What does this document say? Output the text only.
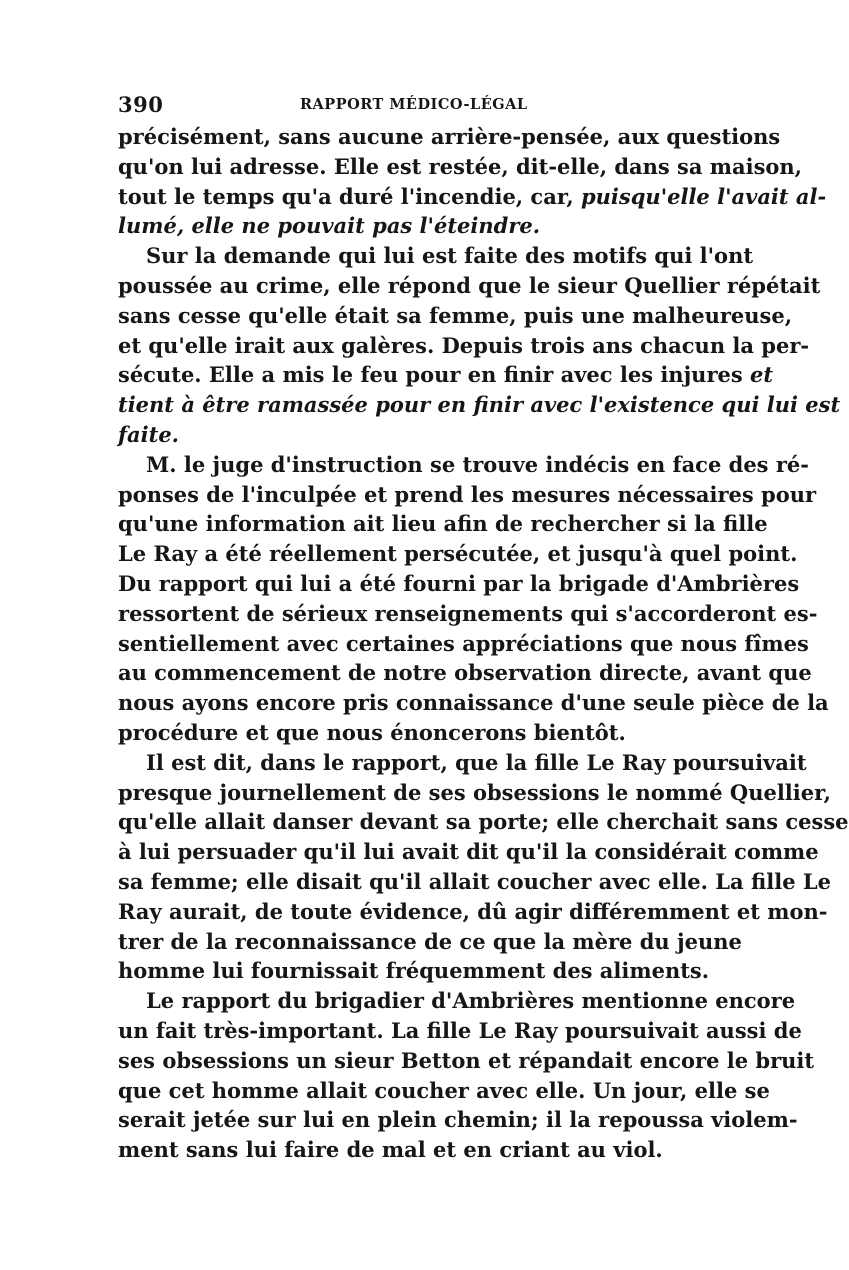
390	RAPPORT MÉDICO-LÉGAL
précisément, sans aucune arrière-pensée, aux questions
qu'on lui adresse. Elle est restée, dit-elle, dans sa maison,
tout le temps qu'a duré l'incendie, car, puisqu'elle l'avait al-
lumé, elle ne pouvait pas l'éteindre.
Sur la demande qui lui est faite des motifs qui l'ont
poussée au crime, elle répond que le sieur Quellier répétait
sans cesse qu'elle était sa femme, puis une malheureuse,
et qu'elle irait aux galères. Depuis trois ans chacun la per-
sécute. Elle a mis le feu pour en finir avec les injures et
tient à être ramassée pour en finir avec l'existence qui lui est
faite.
M. le juge d'instruction se trouve indécis en face des ré-
ponses de l'inculpée et prend les mesures nécessaires pour
qu'une information ait lieu afin de rechercher si la fille
Le Ray a été réellement persécutée, et jusqu'à quel point.
Du rapport qui lui a été fourni par la brigade d'Ambrières
ressortent de sérieux renseignements qui s'accorderont es-
sentiellement avec certaines appréciations que nous fîmes
au commencement de notre observation directe, avant que
nous ayons encore pris connaissance d'une seule pièce de la
procédure et que nous énoncerons bientôt.
Il est dit, dans le rapport, que la fille Le Ray poursuivait
presque journellement de ses obsessions le nommé Quellier,
qu'elle allait danser devant sa porte; elle cherchait sans cesse
à lui persuader qu'il lui avait dit qu'il la considérait comme
sa femme; elle disait qu'il allait coucher avec elle. La fille Le
Ray aurait, de toute évidence, dû agir différemment et mon-
trer de la reconnaissance de ce que la mère du jeune
homme lui fournissait fréquemment des aliments.
Le rapport du brigadier d'Ambrières mentionne encore
un fait très-important. La fille Le Ray poursuivait aussi de
ses obsessions un sieur Betton et répandait encore le bruit
que cet homme allait coucher avec elle. Un jour, elle se
serait jetée sur lui en plein chemin; il la repoussa violem-
ment sans lui faire de mal et en criant au viol.
